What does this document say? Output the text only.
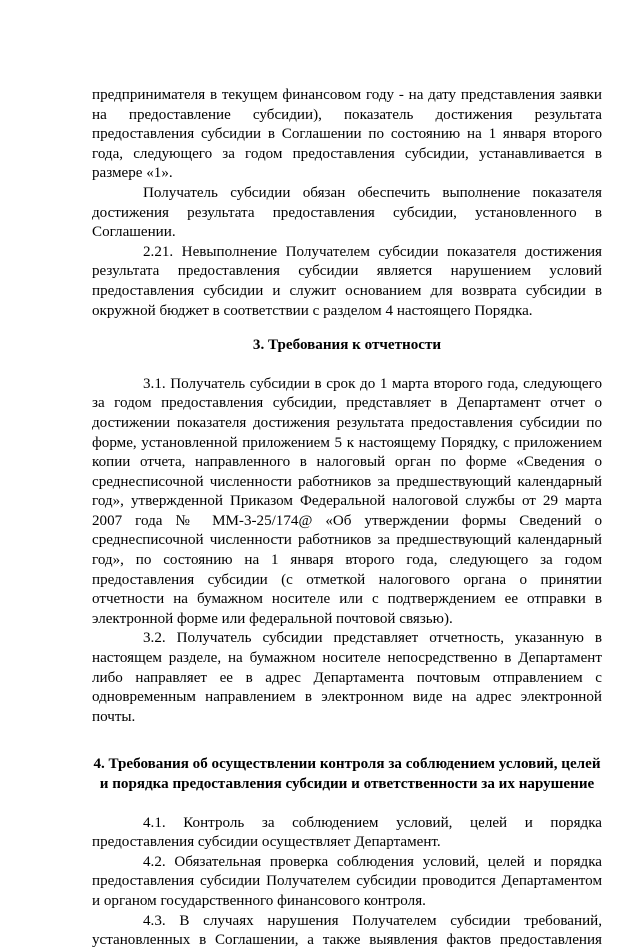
предпринимателя в текущем финансовом году - на дату представления заявки
на предоставление субсидии), показатель достижения результата
предоставления субсидии в Соглашении по состоянию на 1 января второго
года, следующего за годом предоставления субсидии, устанавливается в
размере «1».
Получатель субсидии обязан обеспечить выполнение показателя
достижения результата предоставления субсидии, установленного в
Соглашении.
2.21. Невыполнение Получателем субсидии показателя достижения
результата предоставления субсидии является нарушением условий
предоставления субсидии и служит основанием для возврата субсидии в
окружной бюджет в соответствии с разделом 4 настоящего Порядка.
3. Требования к отчетности
3.1. Получатель субсидии в срок до 1 марта второго года, следующего
за годом предоставления субсидии, представляет в Департамент отчет о
достижении показателя достижения результата предоставления субсидии по
форме, установленной приложением 5 к настоящему Порядку, с приложением
копии отчета, направленного в налоговый орган по форме «Сведения о
среднесписочной численности работников за предшествующий календарный
год», утвержденной Приказом Федеральной налоговой службы от 29 марта
2007 года № ММ-3-25/174@ «Об утверждении формы Сведений о
среднесписочной численности работников за предшествующий календарный
год», по состоянию на 1 января второго года, следующего за годом
предоставления субсидии (с отметкой налогового органа о принятии
отчетности на бумажном носителе или с подтверждением ее отправки в
электронной форме или федеральной почтовой связью).
3.2. Получатель субсидии представляет отчетность, указанную в
настоящем разделе, на бумажном носителе непосредственно в Департамент
либо направляет ее в адрес Департамента почтовым отправлением с
одновременным направлением в электронном виде на адрес электронной
почты.
4. Требования об осуществлении контроля за соблюдением условий, целей
и порядка предоставления субсидии и ответственности за их нарушение
4.1. Контроль за соблюдением условий, целей и порядка
предоставления субсидии осуществляет Департамент.
4.2. Обязательная проверка соблюдения условий, целей и порядка
предоставления субсидии Получателем субсидии проводится Департаментом
и органом государственного финансового контроля.
4.3. В случаях нарушения Получателем субсидии требований,
установленных в Соглашении, а также выявления фактов предоставления
